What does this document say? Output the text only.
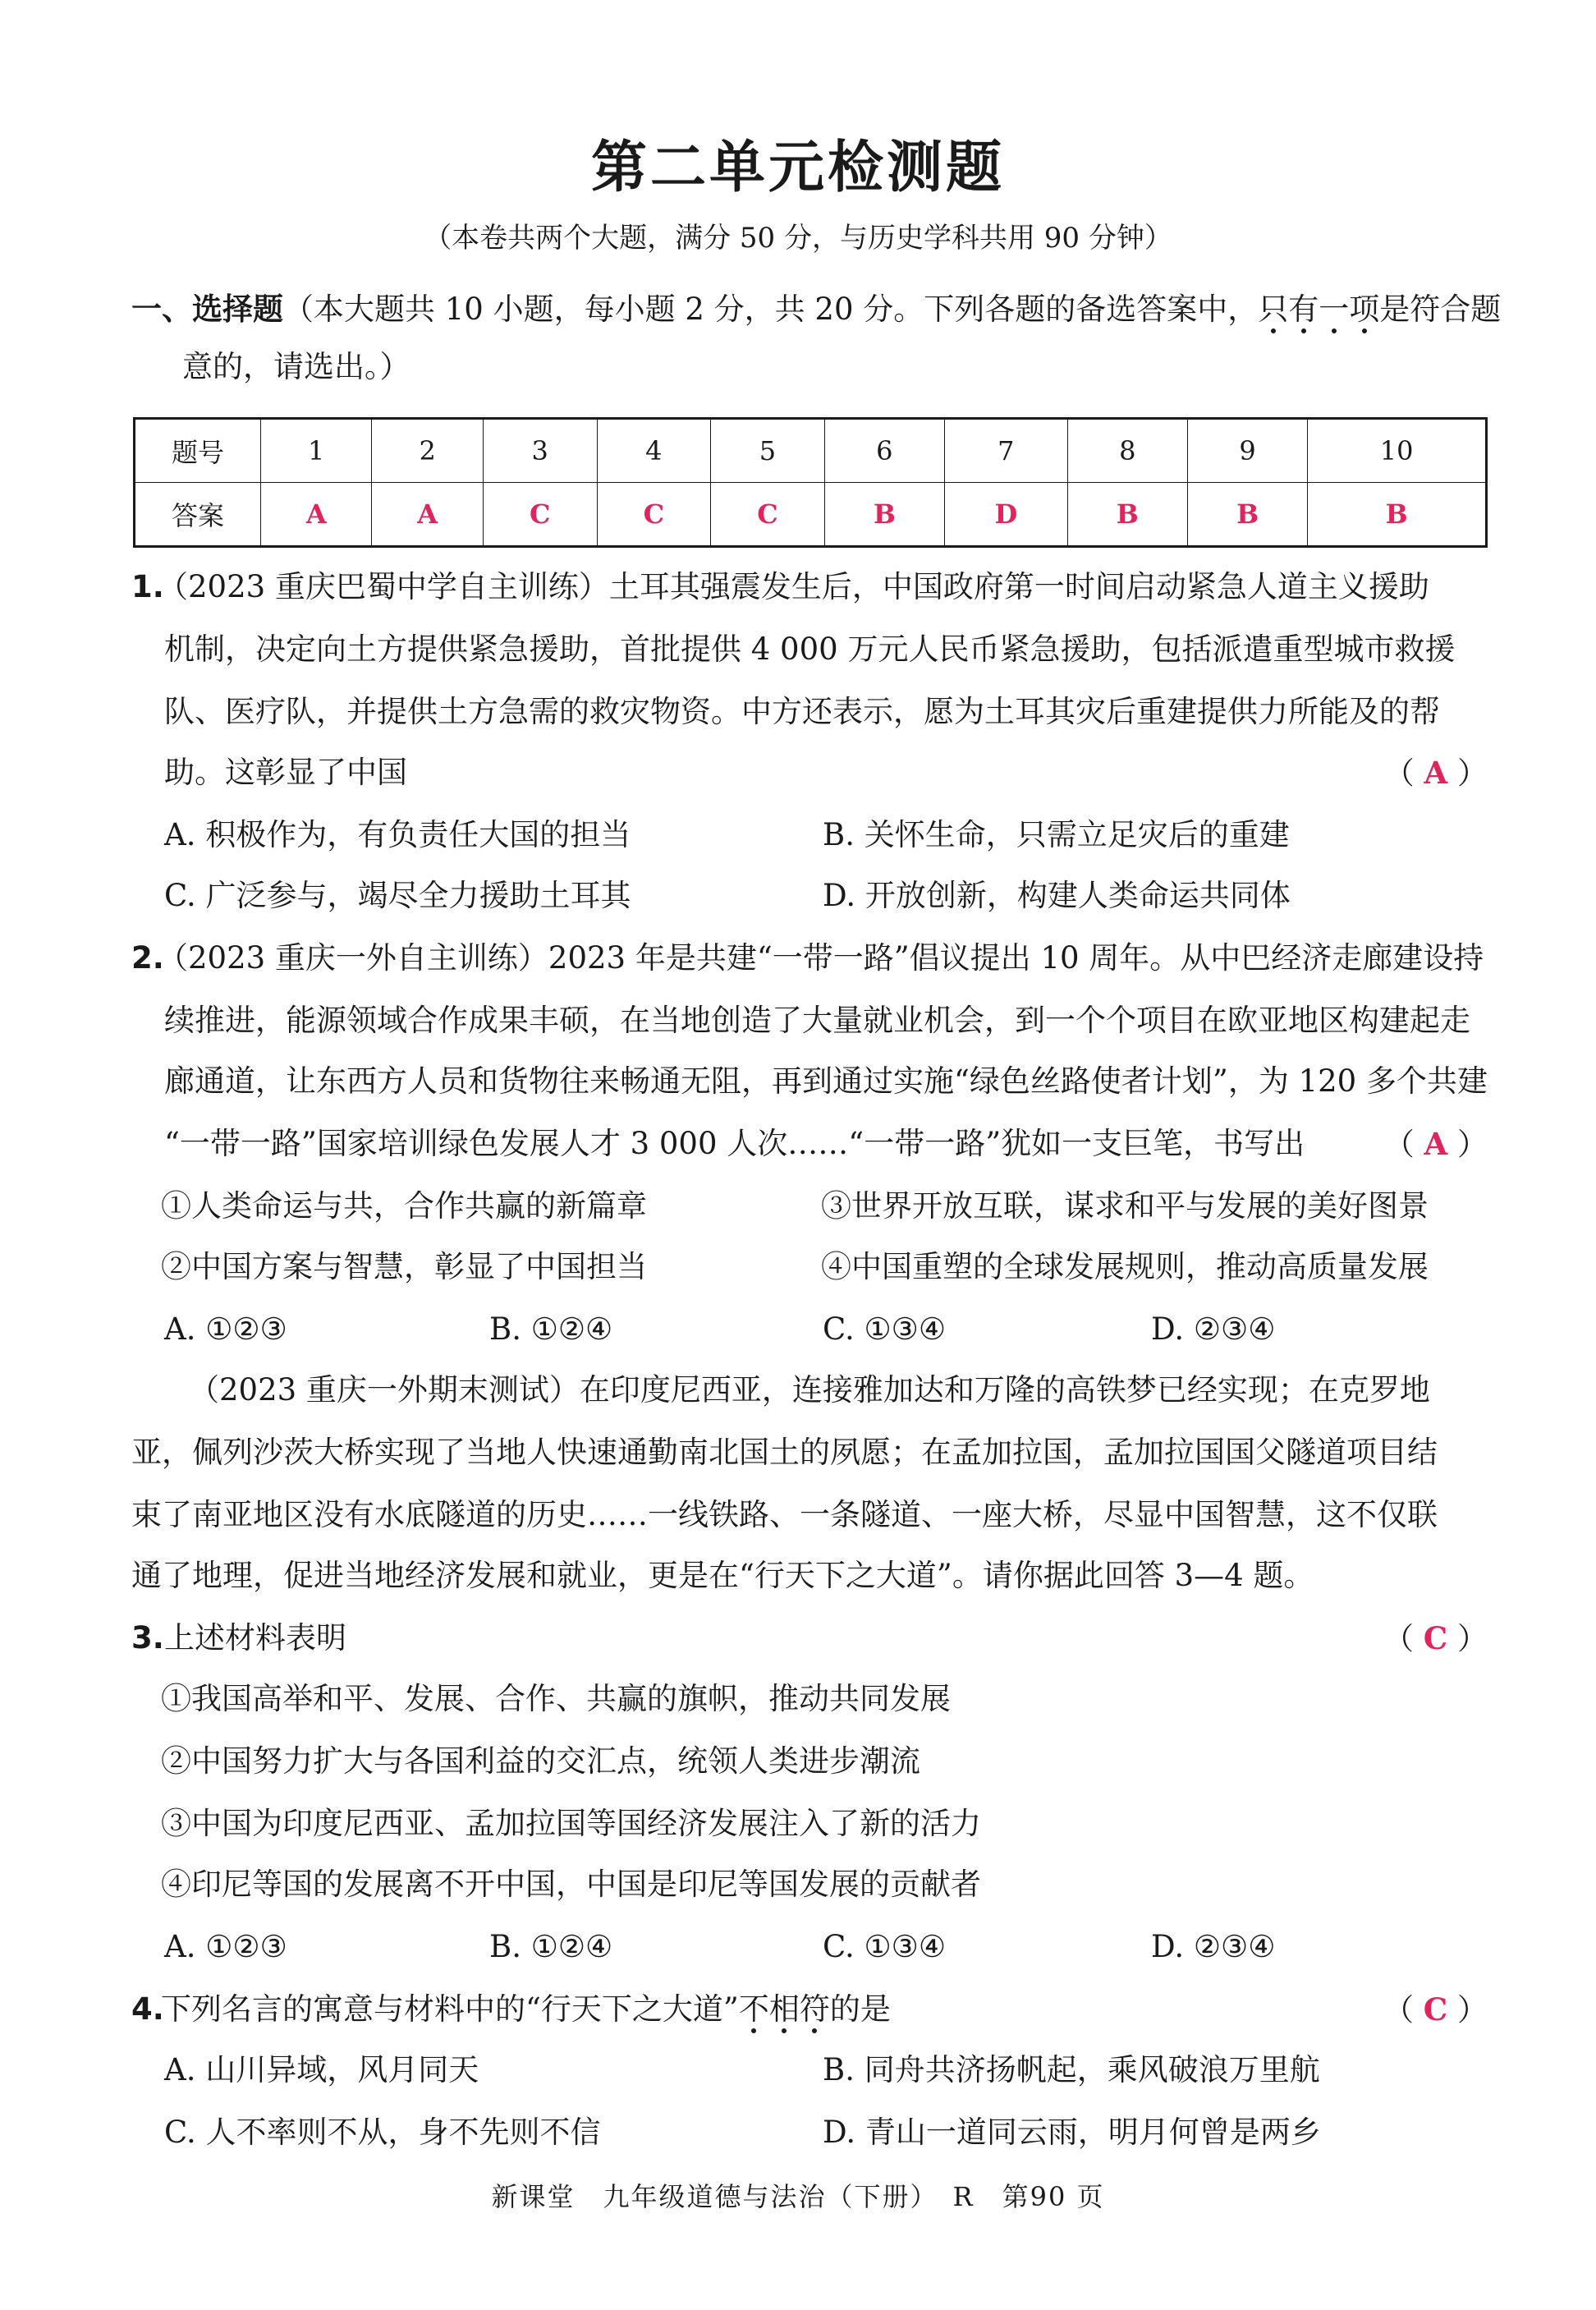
第二单元检测题
（本卷共两个大题，满分 50 分，与历史学科共用 90 分钟）
一、选择题（本大题共 10 小题，每小题 2 分，共 20 分。下列各题的备选答案中，只有一项是符合题
意的，请选出。）
题号	1	2	3	4	5	6	7	8	9	10
答案	A	A	C	C	C	B	D	B	B	B
1.
（2023 重庆巴蜀中学自主训练）土耳其强震发生后，中国政府第一时间启动紧急人道主义援助
机制，决定向土方提供紧急援助，首批提供 4 000 万元人民币紧急援助，包括派遣重型城市救援
队、医疗队，并提供土方急需的救灾物资。中方还表示，愿为土耳其灾后重建提供力所能及的帮
助。这彰显了中国	（ A ）
A. 积极作为，有负责任大国的担当	B. 关怀生命，只需立足灾后的重建
C. 广泛参与，竭尽全力援助土耳其	D. 开放创新，构建人类命运共同体
2.
（2023 重庆一外自主训练）2023 年是共建“一带一路”倡议提出 10 周年。从中巴经济走廊建设持
续推进，能源领域合作成果丰硕，在当地创造了大量就业机会，到一个个项目在欧亚地区构建起走
廊通道，让东西方人员和货物往来畅通无阻，再到通过实施“绿色丝路使者计划”，为 120 多个共建
“一带一路”国家培训绿色发展人才 3 000 人次……“一带一路”犹如一支巨笔，书写出	（ A ）
①人类命运与共，合作共赢的新篇章	③世界开放互联，谋求和平与发展的美好图景
②中国方案与智慧，彰显了中国担当	④中国重塑的全球发展规则，推动高质量发展
A. ①②③	B. ①②④	C. ①③④	D. ②③④
（2023 重庆一外期末测试）在印度尼西亚，连接雅加达和万隆的高铁梦已经实现；在克罗地
亚，佩列沙茨大桥实现了当地人快速通勤南北国土的夙愿；在孟加拉国，孟加拉国国父隧道项目结
束了南亚地区没有水底隧道的历史……一线铁路、一条隧道、一座大桥，尽显中国智慧，这不仅联
通了地理，促进当地经济发展和就业，更是在“行天下之大道”。请你据此回答 3—4 题。
3. 上述材料表明	（ C ）
①我国高举和平、发展、合作、共赢的旗帜，推动共同发展
②中国努力扩大与各国利益的交汇点，统领人类进步潮流
③中国为印度尼西亚、孟加拉国等国经济发展注入了新的活力
④印尼等国的发展离不开中国，中国是印尼等国发展的贡献者
A. ①②③	B. ①②④	C. ①③④	D. ②③④
4.
下列名言的寓意与材料中的“行天下之大道”不相符的是	（ C ）
A. 山川异域，风月同天	B. 同舟共济扬帆起，乘风破浪万里航
C. 人不率则不从，身不先则不信	D. 青山一道同云雨，明月何曾是两乡
新课堂　九年级道德与法治（下册）　R　第90 页
